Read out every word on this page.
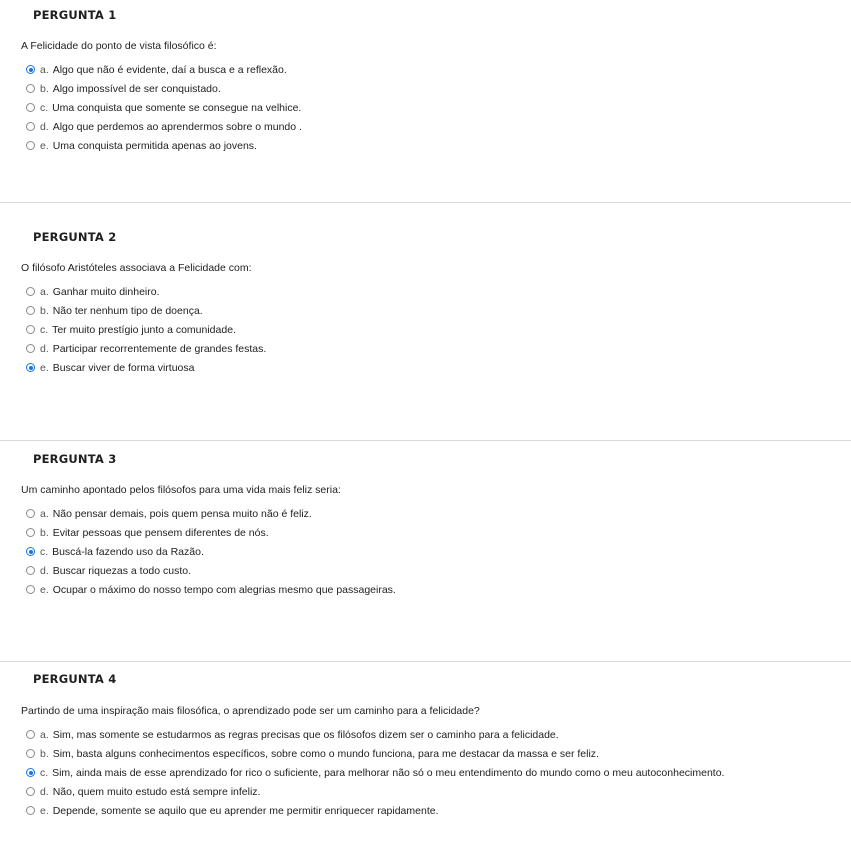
PERGUNTA 1
A Felicidade do ponto de vista filosófico é:
a.
Algo que não é evidente, daí a busca e a reflexão.
b.
Algo impossível de ser conquistado.
c.
Uma conquista que somente se consegue na velhice.
d.
Algo que perdemos ao aprendermos sobre o mundo .
e.
Uma conquista permitida apenas ao jovens.
PERGUNTA 2
O filósofo Aristóteles associava a Felicidade com:
a.
Ganhar muito dinheiro.
b.
Não ter nenhum tipo de doença.
c.
Ter muito prestígio junto a comunidade.
d.
Participar recorrentemente de grandes festas.
e.
Buscar viver de forma virtuosa
PERGUNTA 3
Um caminho apontado pelos filósofos para uma vida mais feliz seria:
a.
Não pensar demais, pois quem pensa muito não é feliz.
b.
Evitar pessoas que pensem diferentes de nós.
c.
Buscá-la fazendo uso da Razão.
d.
Buscar riquezas a todo custo.
e.
Ocupar o máximo do nosso tempo com alegrias mesmo que passageiras.
PERGUNTA 4
Partindo de uma inspiração mais filosófica, o aprendizado pode ser um caminho para a felicidade?
a.
Sim, mas somente se estudarmos as regras precisas que os filósofos dizem ser o caminho para a felicidade.
b.
Sim, basta alguns conhecimentos específicos, sobre como o mundo funciona, para me destacar da massa e ser feliz.
c.
Sim, ainda mais de esse aprendizado for rico o suficiente, para melhorar não só o meu entendimento do mundo como o meu autoconhecimento.
d.
Não, quem muito estudo está sempre infeliz.
e.
Depende, somente se aquilo que eu aprender me permitir enriquecer rapidamente.
